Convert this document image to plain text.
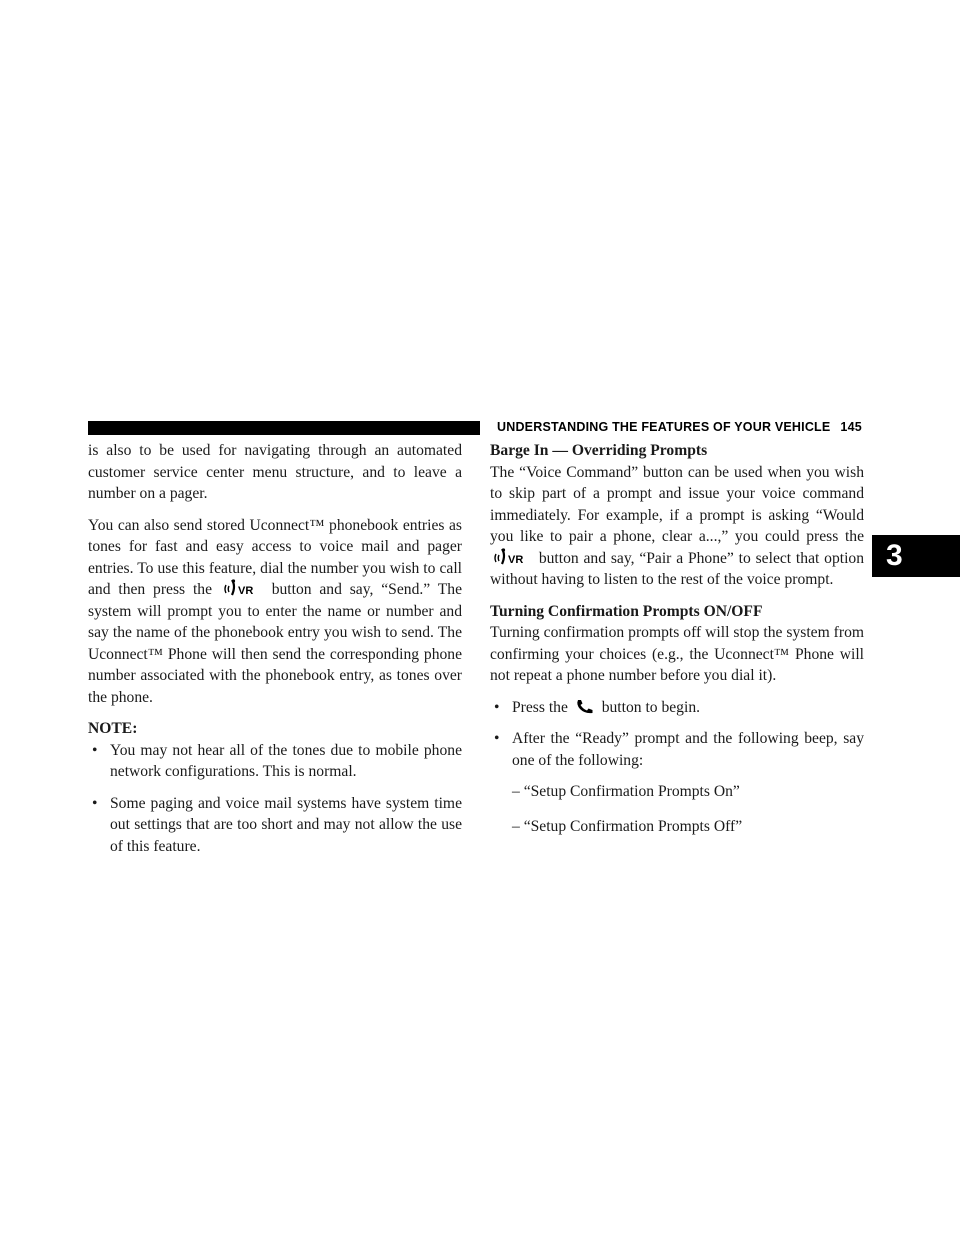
UNDERSTANDING THE FEATURES OF YOUR VEHICLE 145
3

is also to be used for navigating through an automated customer service center menu structure, and to leave a number on a pager.

You can also send stored Uconnect™ phonebook entries as tones for fast and easy access to voice mail and pager entries. To use this feature, dial the number you wish to call and then press the VR button and say, “Send.” The system will prompt you to enter the name or number and say the name of the phonebook entry you wish to send. The Uconnect™ Phone will then send the corresponding phone number associated with the phonebook entry, as tones over the phone.

NOTE:
• You may not hear all of the tones due to mobile phone network configurations. This is normal.
• Some paging and voice mail systems have system time out settings that are too short and may not allow the use of this feature.
Barge In — Overriding Prompts

The “Voice Command” button can be used when you wish to skip part of a prompt and issue your voice command immediately. For example, if a prompt is asking “Would you like to pair a phone, clear a...,” you could press the
VR button and say, “Pair a Phone” to select that option without having to listen to the rest of the voice prompt.

Turning Confirmation Prompts ON/OFF

Turning confirmation prompts off will stop the system from confirming your choices (e.g., the Uconnect™ Phone will not repeat a phone number before you dial it).

• Press the button to begin.
• After the “Ready” prompt and the following beep, say one of the following:
– “Setup Confirmation Prompts On”
– “Setup Confirmation Prompts Off”
